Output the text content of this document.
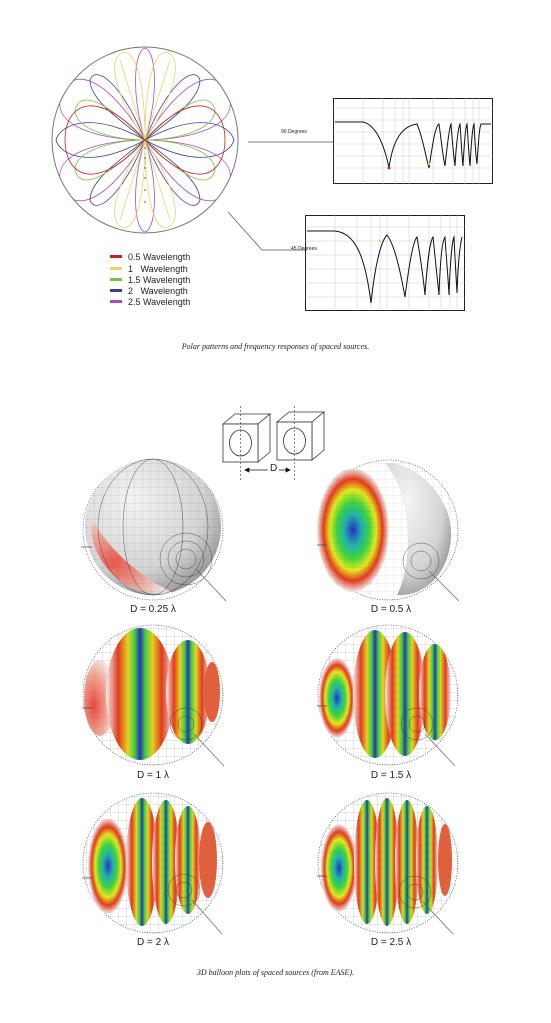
90 Degrees
45 Degrees
0.5 Wavelength
1   Wavelength
1.5 Wavelength
2   Wavelength
2.5 Wavelength
Polar patterns and frequency responses of spaced sources.
D
D = 0.25 λ	D = 0.5 λ
D = 1 λ	D = 1.5 λ
D = 2 λ	D = 2.5 λ
3D balloon plots of spaced sources (from EASE).
